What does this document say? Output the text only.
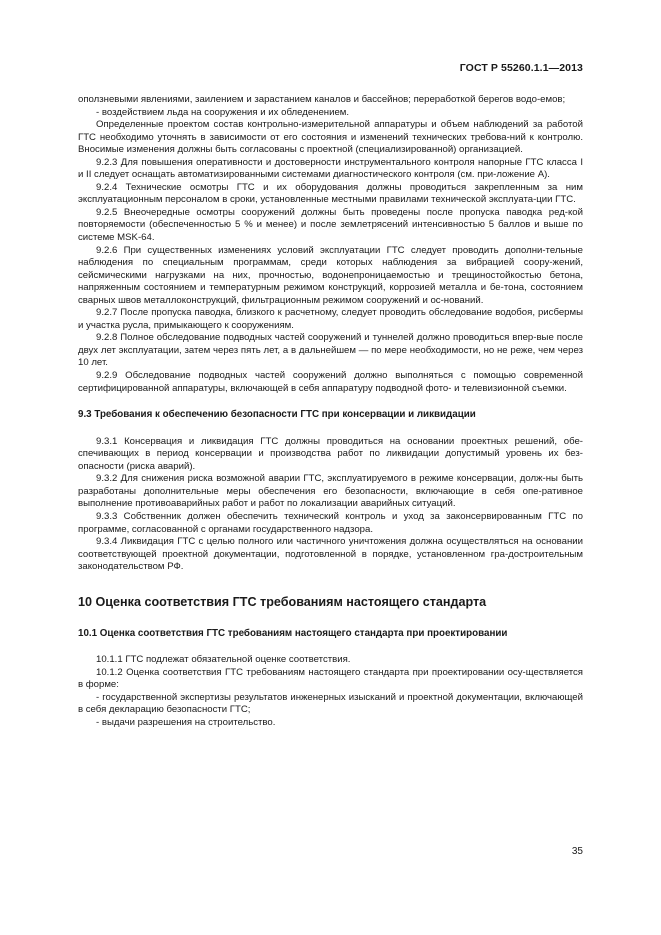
ГОСТ Р 55260.1.1—2013

оползневыми явлениями, заилением и зарастанием каналов и бассейнов; переработкой берегов водо-емов;

- воздействием льда на сооружения и их обледенением.

Определенные проектом состав контрольно-измерительной аппаратуры и объем наблюдений за работой ГТС необходимо уточнять в зависимости от его состояния и изменений технических требова-ний к контролю. Вносимые изменения должны быть согласованы с проектной (специализированной) организацией.

9.2.3 Для повышения оперативности и достоверности инструментального контроля напорные ГТС класса I и II следует оснащать автоматизированными системами диагностического контроля (см. при-ложение А).

9.2.4 Технические осмотры ГТС и их оборудования должны проводиться закрепленным за ним эксплуатационным персоналом в сроки, установленные местными правилами технической эксплуата-ции ГТС.

9.2.5 Внеочередные осмотры сооружений должны быть проведены после пропуска паводка ред-кой повторяемости (обеспеченностью 5 % и менее) и после землетрясений интенсивностью 5 баллов и выше по системе MSK-64.

9.2.6 При существенных изменениях условий эксплуатации ГТС следует проводить дополни-тельные наблюдения по специальным программам, среди которых наблюдения за вибрацией соору-жений, сейсмическими нагрузками на них, прочностью, водонепроницаемостью и трещиностойкостью бетона, напряженным состоянием и температурным режимом конструкций, коррозией металла и бе-тона, состоянием сварных швов металлоконструкций, фильтрационным режимом сооружений и ос-нований.

9.2.7 После пропуска паводка, близкого к расчетному, следует проводить обследование водобоя, рисбермы и участка русла, примыкающего к сооружениям.

9.2.8 Полное обследование подводных частей сооружений и туннелей должно проводиться впер-вые после двух лет эксплуатации, затем через пять лет, а в дальнейшем — по мере необходимости, но не реже, чем через 10 лет.

9.2.9 Обследование подводных частей сооружений должно выполняться с помощью современной сертифицированной аппаратуры, включающей в себя аппаратуру подводной фото- и телевизионной съемки.

9.3 Требования к обеспечению безопасности ГТС при консервации и ликвидации

9.3.1 Консервация и ликвидация ГТС должны проводиться на основании проектных решений, обе-спечивающих в период консервации и производства работ по ликвидации допустимый уровень их без-опасности (риска аварий).

9.3.2 Для снижения риска возможной аварии ГТС, эксплуатируемого в режиме консервации, долж-ны быть разработаны дополнительные меры обеспечения его безопасности, включающие в себя опе-ративное выполнение противоаварийных работ и работ по локализации аварийных ситуаций.

9.3.3 Собственник должен обеспечить технический контроль и уход за законсервированным ГТС по программе, согласованной с органами государственного надзора.

9.3.4 Ликвидация ГТС с целью полного или частичного уничтожения должна осуществляться на основании соответствующей проектной документации, подготовленной в порядке, установленном гра-достроительным законодательством РФ.

10 Оценка соответствия ГТС требованиям настоящего стандарта

10.1 Оценка соответствия ГТС требованиям настоящего стандарта при проектировании

10.1.1 ГТС подлежат обязательной оценке соответствия.

10.1.2 Оценка соответствия ГТС требованиям настоящего стандарта при проектировании осу-ществляется в форме:

- государственной экспертизы результатов инженерных изысканий и проектной документации, включающей в себя декларацию безопасности ГТС;

- выдачи разрешения на строительство.

35
